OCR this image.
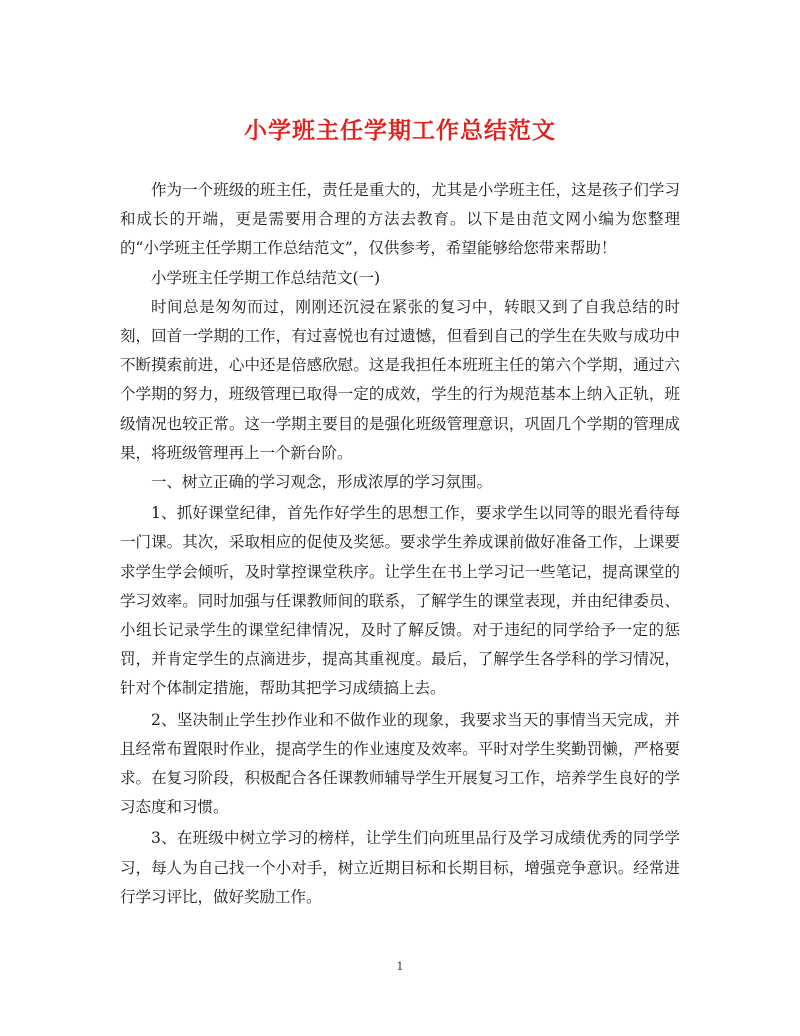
小学班主任学期工作总结范文

作为一个班级的班主任，责任是重大的，尤其是小学班主任，这是孩子们学习和成长的开端，更是需要用合理的方法去教育。以下是由范文网小编为您整理的“小学班主任学期工作总结范文”，仅供参考，希望能够给您带来帮助！

小学班主任学期工作总结范文(一)

时间总是匆匆而过，刚刚还沉浸在紧张的复习中，转眼又到了自我总结的时刻，回首一学期的工作，有过喜悦也有过遗憾，但看到自己的学生在失败与成功中不断摸索前进，心中还是倍感欣慰。这是我担任本班班主任的第六个学期，通过六个学期的努力，班级管理已取得一定的成效，学生的行为规范基本上纳入正轨，班级情况也较正常。这一学期主要目的是强化班级管理意识，巩固几个学期的管理成果，将班级管理再上一个新台阶。

一、树立正确的学习观念，形成浓厚的学习氛围。

1、抓好课堂纪律，首先作好学生的思想工作，要求学生以同等的眼光看待每一门课。其次，采取相应的促使及奖惩。要求学生养成课前做好准备工作，上课要求学生学会倾听，及时掌控课堂秩序。让学生在书上学习记一些笔记，提高课堂的学习效率。同时加强与任课教师间的联系，了解学生的课堂表现，并由纪律委员、小组长记录学生的课堂纪律情况，及时了解反馈。对于违纪的同学给予一定的惩罚，并肯定学生的点滴进步，提高其重视度。最后，了解学生各学科的学习情况，针对个体制定措施，帮助其把学习成绩搞上去。

2、坚决制止学生抄作业和不做作业的现象，我要求当天的事情当天完成，并且经常布置限时作业，提高学生的作业速度及效率。平时对学生奖勤罚懒，严格要求。在复习阶段，积极配合各任课教师辅导学生开展复习工作，培养学生良好的学习态度和习惯。

3、在班级中树立学习的榜样，让学生们向班里品行及学习成绩优秀的同学学习，每人为自己找一个小对手，树立近期目标和长期目标，增强竞争意识。经常进行学习评比，做好奖励工作。

1
